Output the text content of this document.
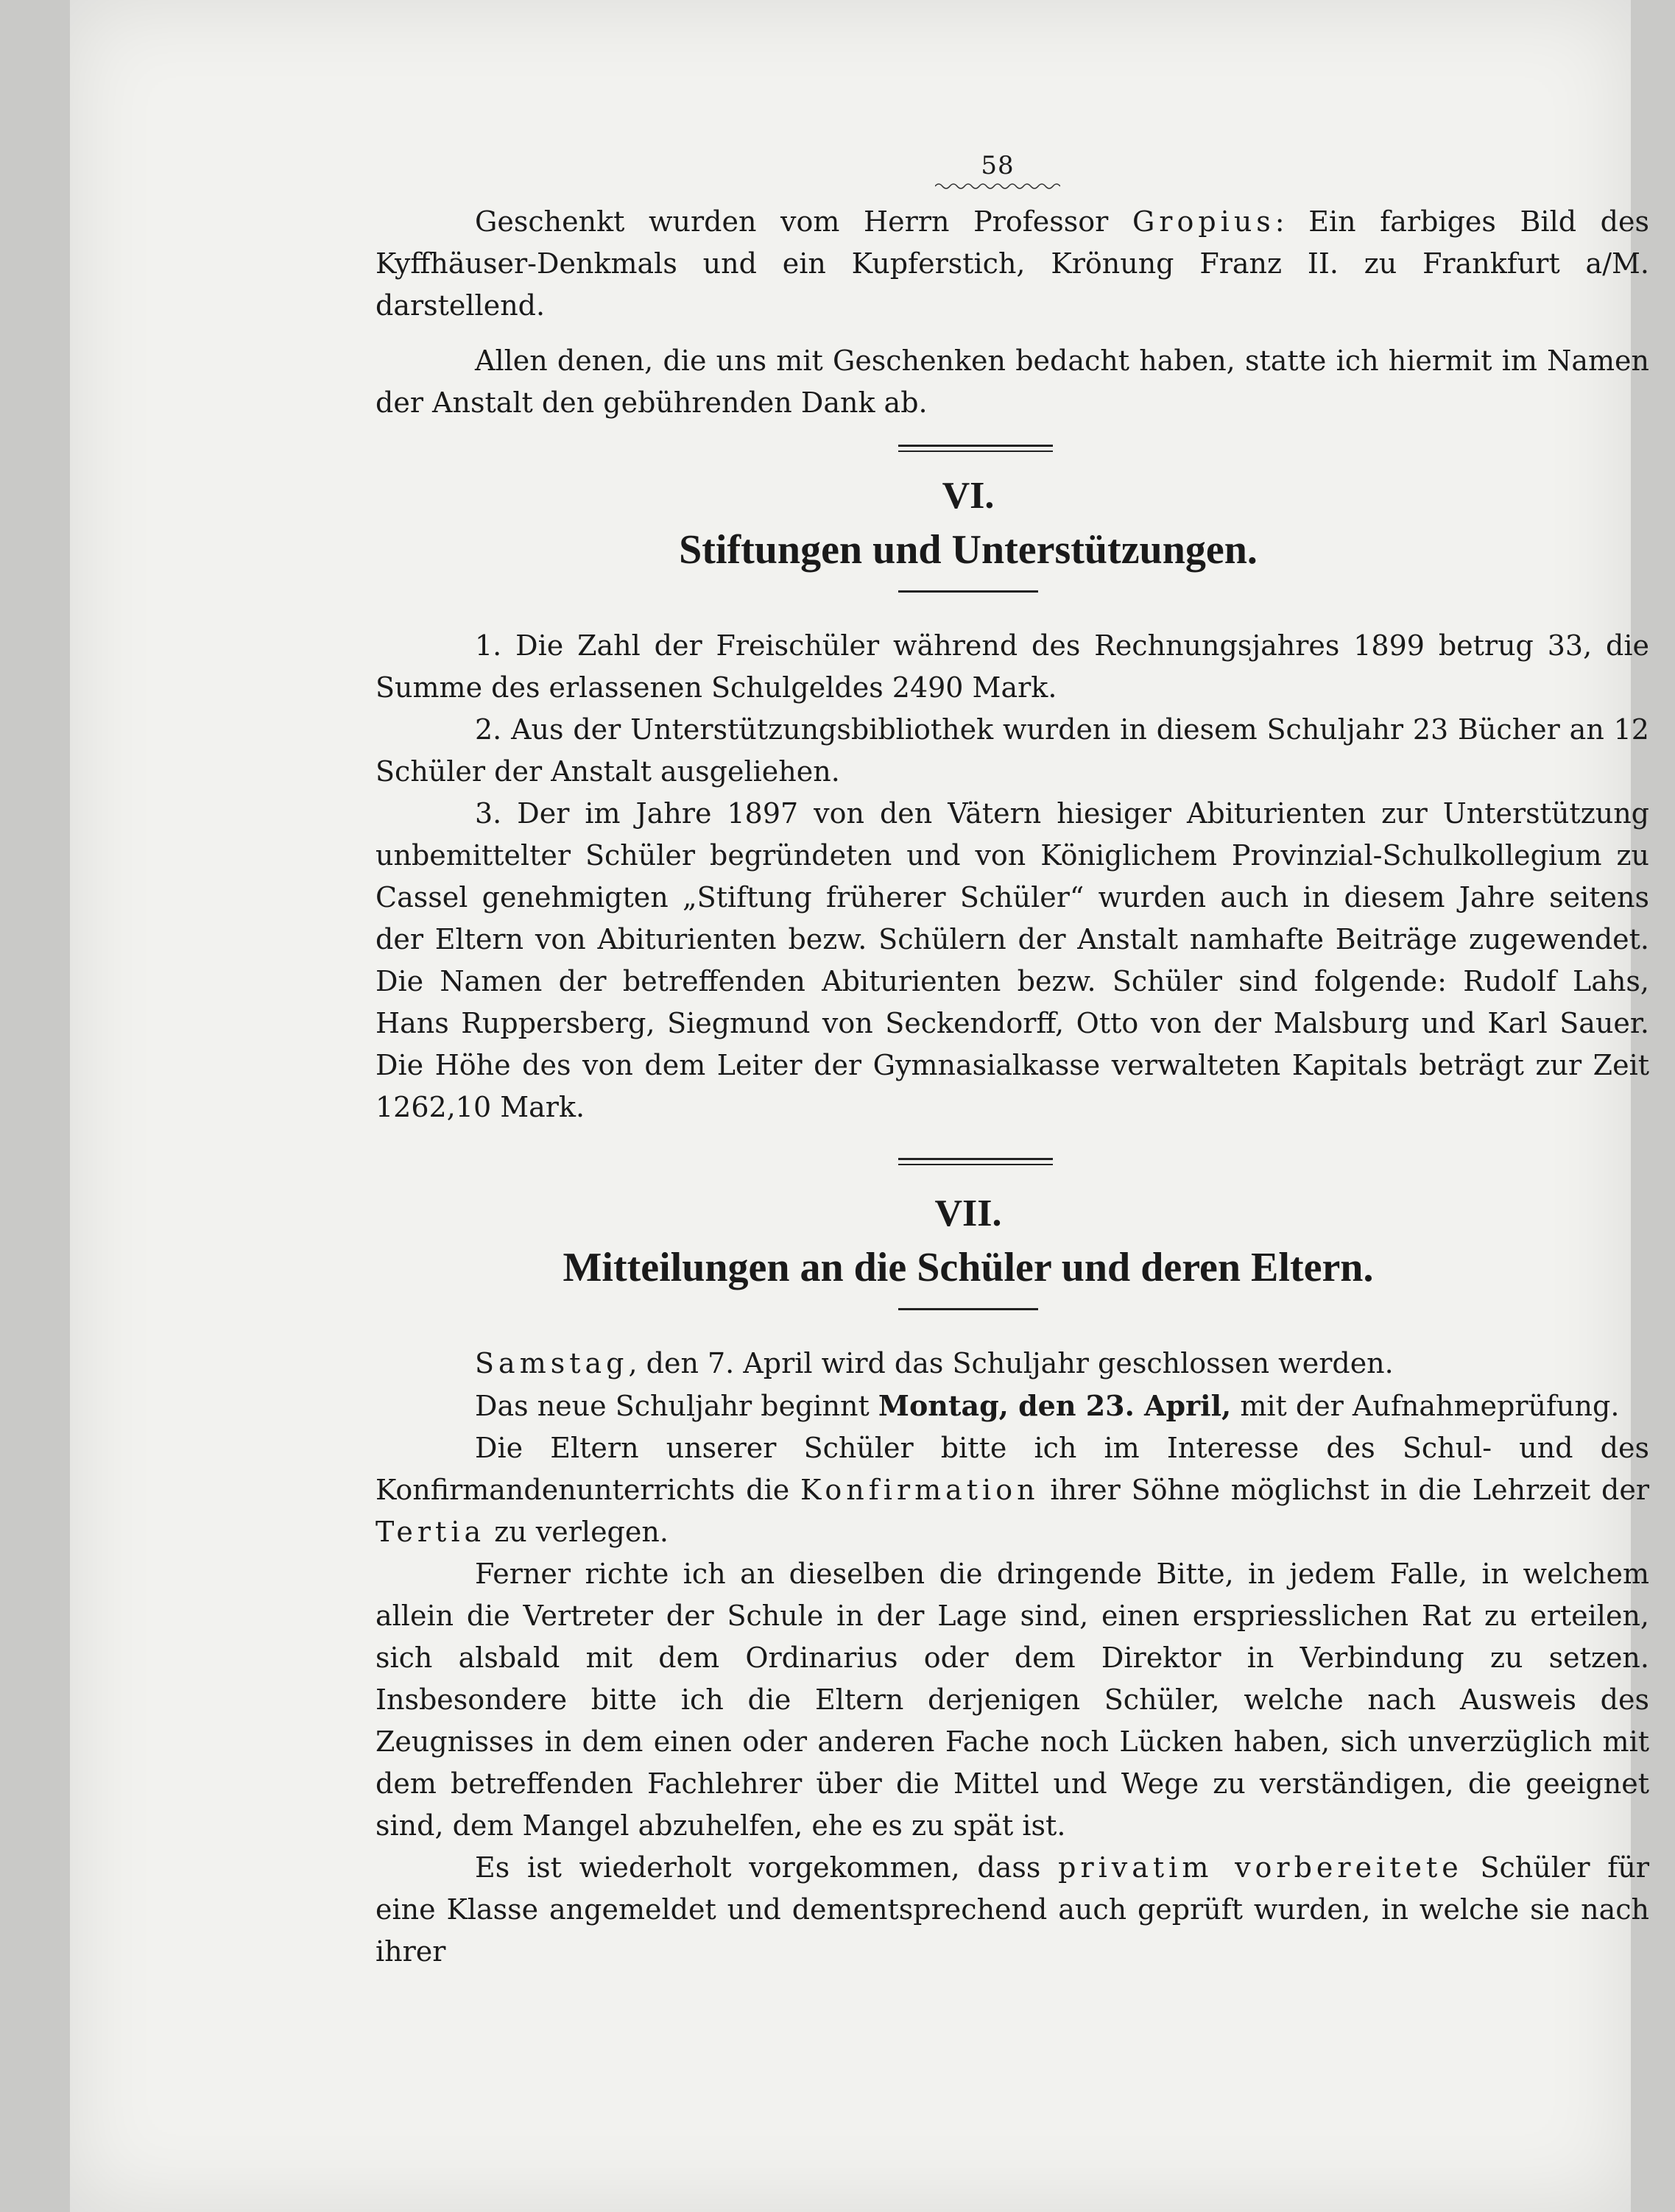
58

Geschenkt wurden vom Herrn Professor Gropius: Ein farbiges Bild des Kyffhäuser-Denkmals und ein Kupferstich, Krönung Franz II. zu Frankfurt a/M. darstellend.

Allen denen, die uns mit Geschenken bedacht haben, statte ich hiermit im Namen der Anstalt den gebührenden Dank ab.

VI.
Stiftungen und Unterstützungen.

1. Die Zahl der Freischüler während des Rechnungsjahres 1899 betrug 33, die Summe des erlassenen Schulgeldes 2490 Mark.

2. Aus der Unterstützungsbibliothek wurden in diesem Schuljahr 23 Bücher an 12 Schüler der Anstalt ausgeliehen.

3. Der im Jahre 1897 von den Vätern hiesiger Abiturienten zur Unterstützung unbemittelter Schüler begründeten und von Königlichem Provinzial-Schulkollegium zu Cassel genehmigten „Stiftung früherer Schüler“ wurden auch in diesem Jahre seitens der Eltern von Abiturienten bezw. Schülern der Anstalt namhafte Beiträge zugewendet. Die Namen der betreffenden Abiturienten bezw. Schüler sind folgende: Rudolf Lahs, Hans Ruppersberg, Siegmund von Seckendorff, Otto von der Malsburg und Karl Sauer. Die Höhe des von dem Leiter der Gymnasialkasse verwalteten Kapitals beträgt zur Zeit 1262,10 Mark.

VII.
Mitteilungen an die Schüler und deren Eltern.

Samstag, den 7. April wird das Schuljahr geschlossen werden.

Das neue Schuljahr beginnt Montag, den 23. April, mit der Aufnahmeprüfung.

Die Eltern unserer Schüler bitte ich im Interesse des Schul- und des Konfirmandenunterrichts die Konfirmation ihrer Söhne möglichst in die Lehrzeit der Tertia zu verlegen.

Ferner richte ich an dieselben die dringende Bitte, in jedem Falle, in welchem allein die Vertreter der Schule in der Lage sind, einen erspriesslichen Rat zu erteilen, sich alsbald mit dem Ordinarius oder dem Direktor in Verbindung zu setzen. Insbesondere bitte ich die Eltern derjenigen Schüler, welche nach Ausweis des Zeugnisses in dem einen oder anderen Fache noch Lücken haben, sich unverzüglich mit dem betreffenden Fachlehrer über die Mittel und Wege zu verständigen, die geeignet sind, dem Mangel abzuhelfen, ehe es zu spät ist.

Es ist wiederholt vorgekommen, dass privatim vorbereitete Schüler für eine Klasse angemeldet und dementsprechend auch geprüft wurden, in welche sie nach ihrer
